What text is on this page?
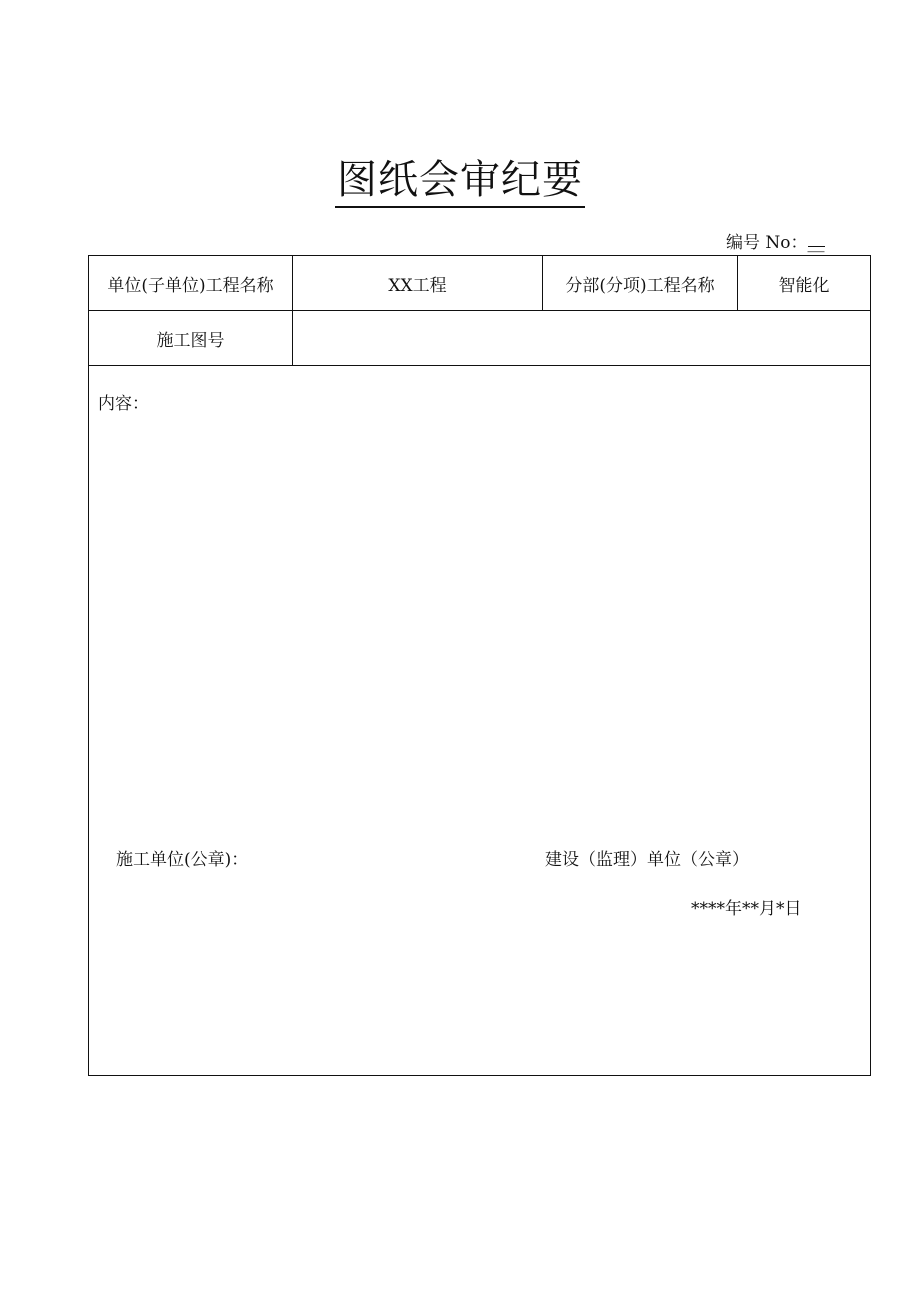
图纸会审纪要
编号 No：__
单位(子单位)工程名称	XX工程	分部(分项)工程名称	智能化
施工图号
内容：
施工单位(公章)：	建设（监理）单位（公章）
****年**月*日
